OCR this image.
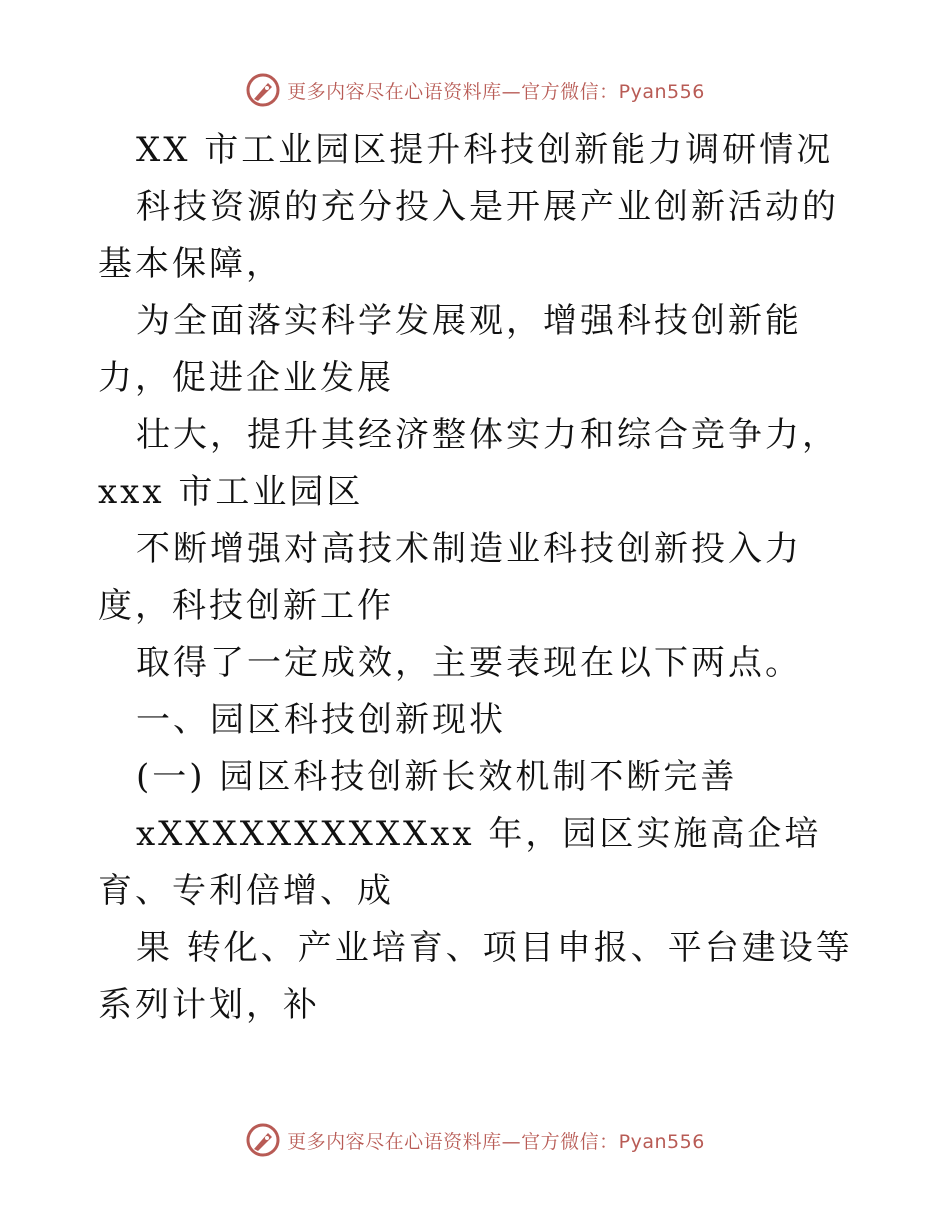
更多内容尽在心语资料库—官方微信：Pyan556

XX 市工业园区提升科技创新能力调研情况

科技资源的充分投入是开展产业创新活动的基本保障，

为全面落实科学发展观，增强科技创新能力，促进企业发展

壮大，提升其经济整体实力和综合竞争力，xxx 市工业园区

不断增强对高技术制造业科技创新投入力度，科技创新工作

取得了一定成效，主要表现在以下两点。

一、园区科技创新现状

(一) 园区科技创新长效机制不断完善

xXXXXXXXXXXxx 年，园区实施高企培育、专利倍增、成

果 转化、产业培育、项目申报、平台建设等系列计划，补

更多内容尽在心语资料库—官方微信：Pyan556
